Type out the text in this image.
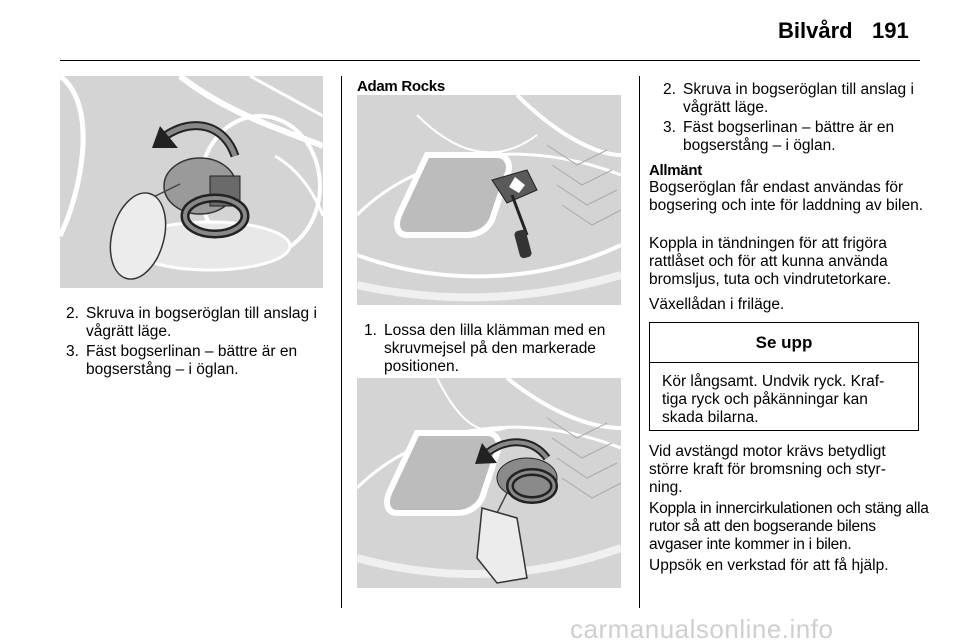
Bilvård 191
2. Skruva in bogseröglan till anslag i vågrätt läge.
3. Fäst bogserlinan – bättre är en bogserstång – i öglan.
Adam Rocks
1. Lossa den lilla klämman med en skruvmejsel på den markerade positionen.
2. Skruva in bogseröglan till anslag i vågrätt läge.
3. Fäst bogserlinan – bättre är en bogserstång – i öglan.
Allmänt
Bogseröglan får endast användas för bogsering och inte för laddning av bilen.
Koppla in tändningen för att frigöra rattlåset och för att kunna använda bromsljus, tuta och vindrutetorkare.
Växellådan i friläge.
Se upp
Kör långsamt. Undvik ryck. Kraf-tiga ryck och påkänningar kan skada bilarna.
Vid avstängd motor krävs betydligt större kraft för bromsning och styr-ning.
Koppla in innercirkulationen och stäng alla rutor så att den bogserande bilens avgaser inte kommer in i bilen.
Uppsök en verkstad för att få hjälp.
carmanualsonline.info
